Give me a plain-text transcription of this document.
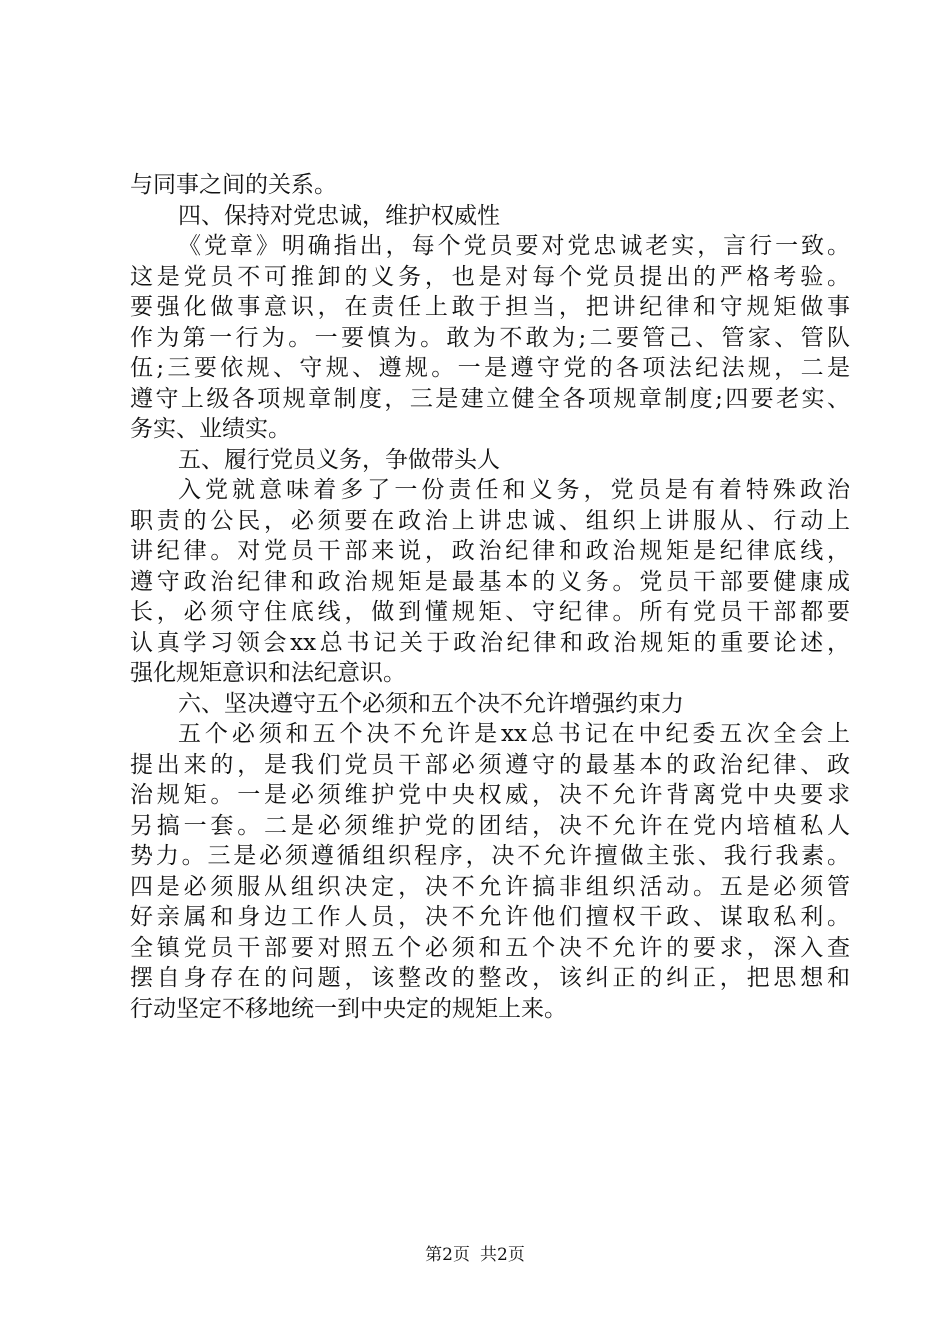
与同事之间的关系。
四、保持对党忠诚，维护权威性
《党章》明确指出，每个党员要对党忠诚老实，言行一致。
这是党员不可推卸的义务，也是对每个党员提出的严格考验。
要强化做事意识，在责任上敢于担当，把讲纪律和守规矩做事
作为第一行为。一要慎为。敢为不敢为;二要管己、管家、管队
伍;三要依规、守规、遵规。一是遵守党的各项法纪法规，二是
遵守上级各项规章制度，三是建立健全各项规章制度;四要老实、
务实、业绩实。
五、履行党员义务，争做带头人
入党就意味着多了一份责任和义务，党员是有着特殊政治
职责的公民，必须要在政治上讲忠诚、组织上讲服从、行动上
讲纪律。对党员干部来说，政治纪律和政治规矩是纪律底线，
遵守政治纪律和政治规矩是最基本的义务。党员干部要健康成
长，必须守住底线，做到懂规矩、守纪律。所有党员干部都要
认真学习领会xx总书记关于政治纪律和政治规矩的重要论述，
强化规矩意识和法纪意识。
六、坚决遵守五个必须和五个决不允许增强约束力
五个必须和五个决不允许是xx总书记在中纪委五次全会上
提出来的，是我们党员干部必须遵守的最基本的政治纪律、政
治规矩。一是必须维护党中央权威，决不允许背离党中央要求
另搞一套。二是必须维护党的团结，决不允许在党内培植私人
势力。三是必须遵循组织程序，决不允许擅做主张、我行我素。
四是必须服从组织决定，决不允许搞非组织活动。五是必须管
好亲属和身边工作人员，决不允许他们擅权干政、谋取私利。
全镇党员干部要对照五个必须和五个决不允许的要求，深入查
摆自身存在的问题，该整改的整改，该纠正的纠正，把思想和
行动坚定不移地统一到中央定的规矩上来。
第2页 共2页
